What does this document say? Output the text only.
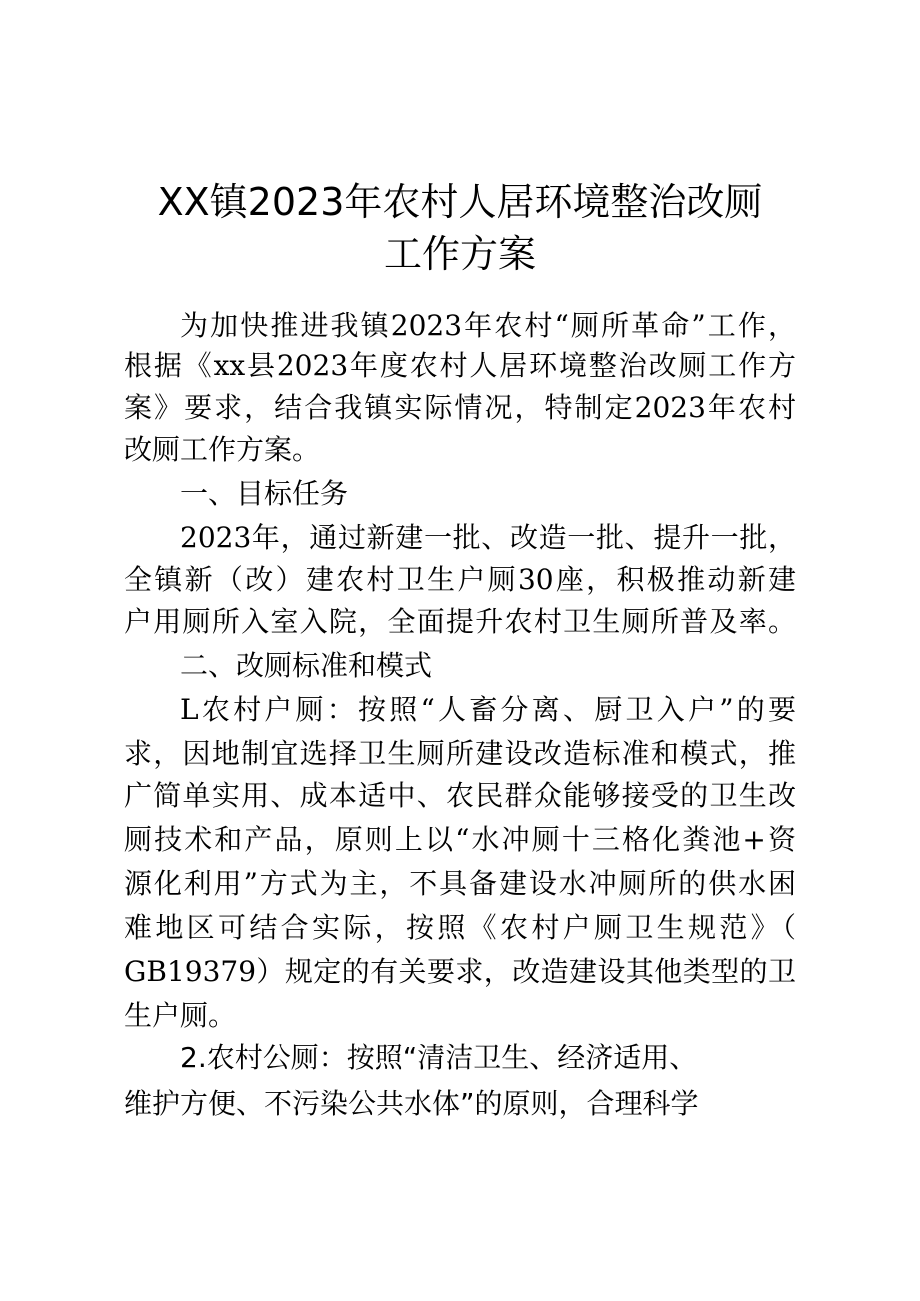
XX镇2023年农村人居环境整治改厕
工作方案
为加快推进我镇2023年农村“厕所革命”工作，
根据《xx县2023年度农村人居环境整治改厕工作方
案》要求，结合我镇实际情况，特制定2023年农村
改厕工作方案。
一、目标任务
2023年，通过新建一批、改造一批、提升一批，
全镇新（改）建农村卫生户厕30座，积极推动新建
户用厕所入室入院，全面提升农村卫生厕所普及率。
二、改厕标准和模式
L农村户厕：按照“人畜分离、厨卫入户”的要
求，因地制宜选择卫生厕所建设改造标准和模式，推
广简单实用、成本适中、农民群众能够接受的卫生改
厕技术和产品，原则上以“水冲厕十三格化粪池+资
源化利用”方式为主，不具备建设水冲厕所的供水困
难地区可结合实际，按照《农村户厕卫生规范》（
GB19379）规定的有关要求，改造建设其他类型的卫
生户厕。
2.农村公厕：按照“清洁卫生、经济适用、
维护方便、不污染公共水体”的原则，合理科学
